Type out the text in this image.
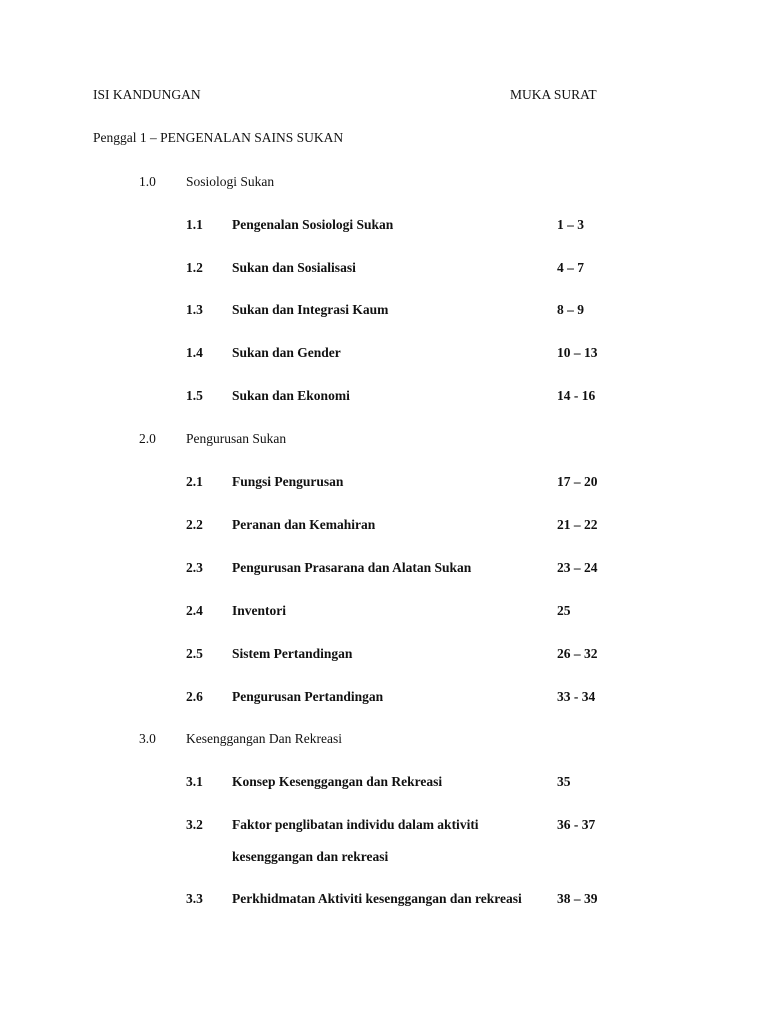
ISI KANDUNGAN	MUKA SURAT
Penggal 1 – PENGENALAN SAINS SUKAN
1.0 Sosiologi Sukan
1.1 Pengenalan Sosiologi Sukan	1 – 3
1.2 Sukan dan Sosialisasi	4 – 7
1.3 Sukan dan Integrasi Kaum	8 – 9
1.4 Sukan dan Gender	10 – 13
1.5 Sukan dan Ekonomi	14 - 16
2.0 Pengurusan Sukan
2.1 Fungsi Pengurusan	17 – 20
2.2 Peranan dan Kemahiran	21 – 22
2.3 Pengurusan Prasarana dan Alatan Sukan	23 – 24
2.4 Inventori	25
2.5 Sistem Pertandingan	26 – 32
2.6 Pengurusan Pertandingan	33 - 34
3.0 Kesenggangan Dan Rekreasi
3.1 Konsep Kesenggangan dan Rekreasi	35
3.2 Faktor penglibatan individu dalam aktiviti	36 - 37
kesenggangan dan rekreasi
3.3 Perkhidmatan Aktiviti kesenggangan dan rekreasi	38 – 39
